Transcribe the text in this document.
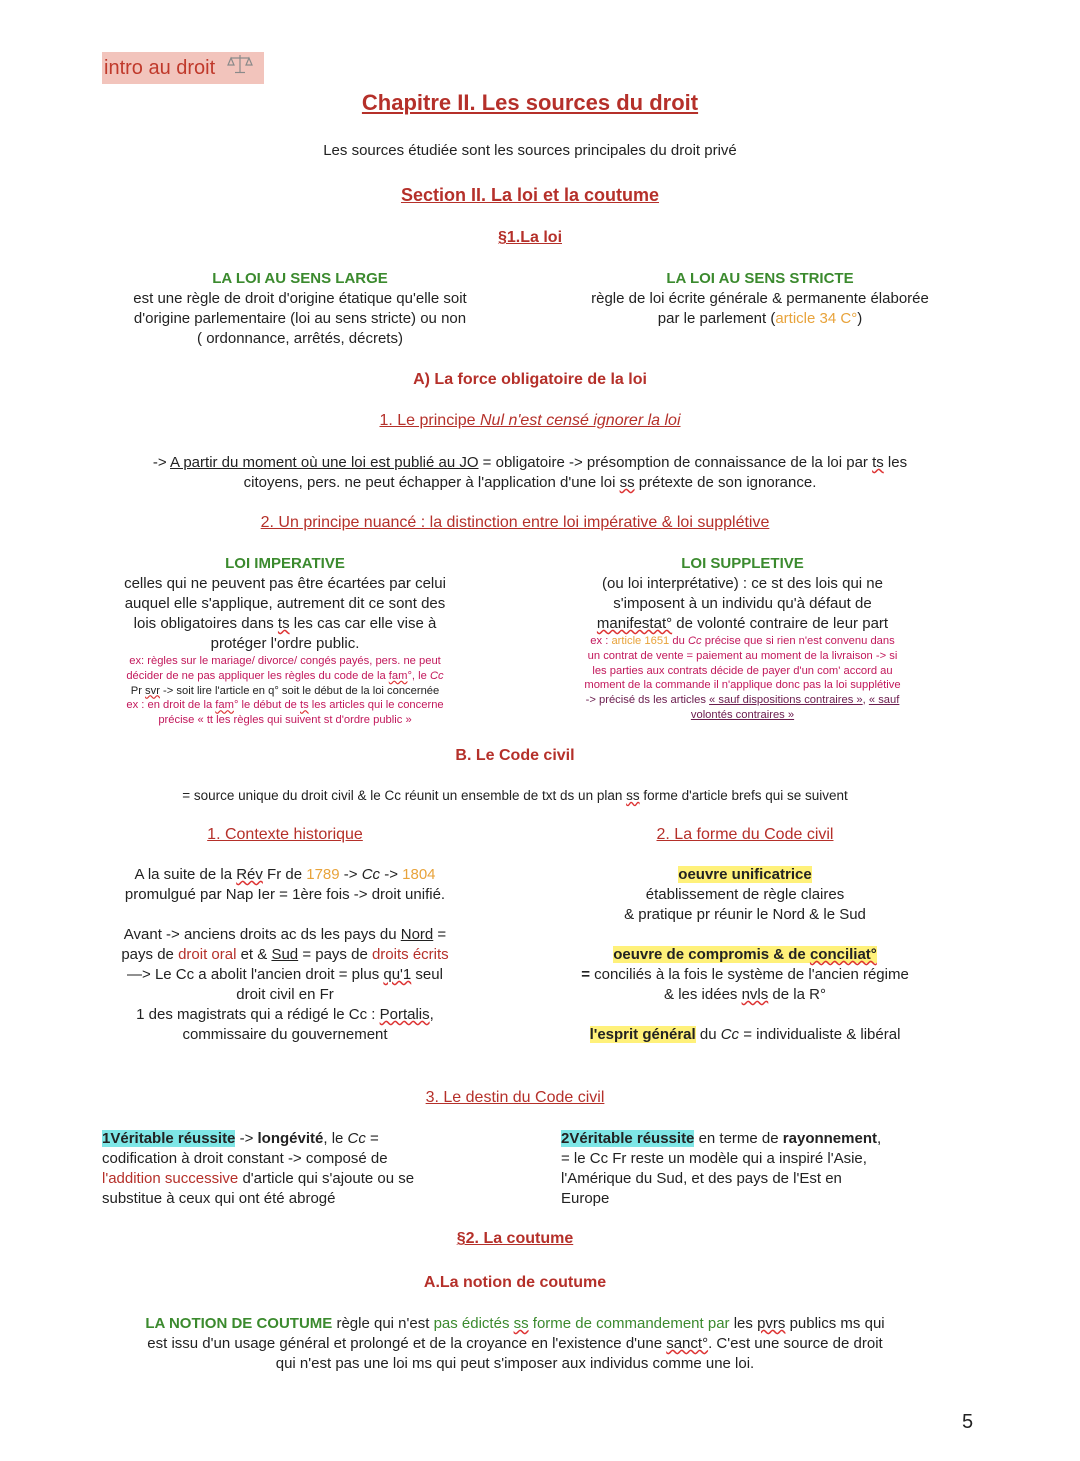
intro au droit
Chapitre II. Les sources du droit
Les sources étudiée sont les sources principales du droit privé
Section II. La loi et la coutume
§1.La loi
LA LOI AU SENS LARGE
est une règle de droit d'origine étatique qu'elle soit
d'origine parlementaire (loi au sens stricte) ou non
( ordonnance, arrêtés, décrets)
LA LOI AU SENS STRICTE
règle de loi écrite générale & permanente élaborée
par le parlement (article 34 C°)
A) La force obligatoire de la loi
1. Le principe Nul n'est censé ignorer la loi
-> A partir du moment où une loi est publié au JO = obligatoire -> présomption de connaissance de la loi par ts les
citoyens, pers. ne peut échapper à l'application d'une loi ss prétexte de son ignorance.
2. Un principe nuancé : la distinction entre loi impérative & loi supplétive
LOI IMPERATIVE
celles qui ne peuvent pas être écartées par celui
auquel elle s'applique, autrement dit ce sont des
lois obligatoires dans ts les cas car elle vise à
protéger l'ordre public.
ex: règles sur le mariage/ divorce/ congés payés, pers. ne peut
décider de ne pas appliquer les règles du code de la fam°, le Cc
Pr svr -> soit lire l'article en q° soit le début de la loi concernée
ex : en droit de la fam° le début de ts les articles qui le concerne
précise « tt les règles qui suivent st d'ordre public »
LOI SUPPLETIVE
(ou loi interprétative) : ce st des lois qui ne
s'imposent à un individu qu'à défaut de
manifestat° de volonté contraire de leur part
ex : article 1651 du Cc précise que si rien n'est convenu dans
un contrat de vente = paiement au moment de la livraison -> si
les parties aux contrats décide de payer d'un com' accord au
moment de la commande il n'applique donc pas la loi supplétive
-> précisé ds les articles « sauf dispositions contraires », « sauf
volontés contraires »
B. Le Code civil
= source unique du droit civil & le Cc réunit un ensemble de txt ds un plan ss forme d'article brefs qui se suivent
1. Contexte historique
A la suite de la Rév Fr de 1789 -> Cc -> 1804
promulgué par Nap Ier = 1ère fois -> droit unifié.
Avant -> anciens droits ac ds les pays du Nord =
pays de droit oral et & Sud = pays de droits écrits
—> Le Cc a abolit l'ancien droit = plus qu'1 seul
droit civil en Fr
1 des magistrats qui a rédigé le Cc : Portalis,
commissaire du gouvernement
2. La forme du Code civil
oeuvre unificatrice
établissement de règle claires
& pratique pr réunir le Nord & le Sud
oeuvre de compromis & de conciliat°
= conciliés à la fois le système de l'ancien régime
& les idées nvls de la R°
l'esprit général du Cc = individualiste & libéral
3. Le destin du Code civil
1Véritable réussite -> longévité, le Cc =
codification à droit constant -> composé de
l'addition successive d'article qui s'ajoute ou se
substitue à ceux qui ont été abrogé
2Véritable réussite en terme de rayonnement,
= le Cc Fr reste un modèle qui a inspiré l'Asie,
l'Amérique du Sud, et des pays de l'Est en
Europe
§2. La coutume
A.La notion de coutume
LA NOTION DE COUTUME règle qui n'est pas édictés ss forme de commandement par les pvrs publics ms qui
est issu d'un usage général et prolongé et de la croyance en l'existence d'une sanct°. C'est une source de droit
qui n'est pas une loi ms qui peut s'imposer aux individus comme une loi.
5
